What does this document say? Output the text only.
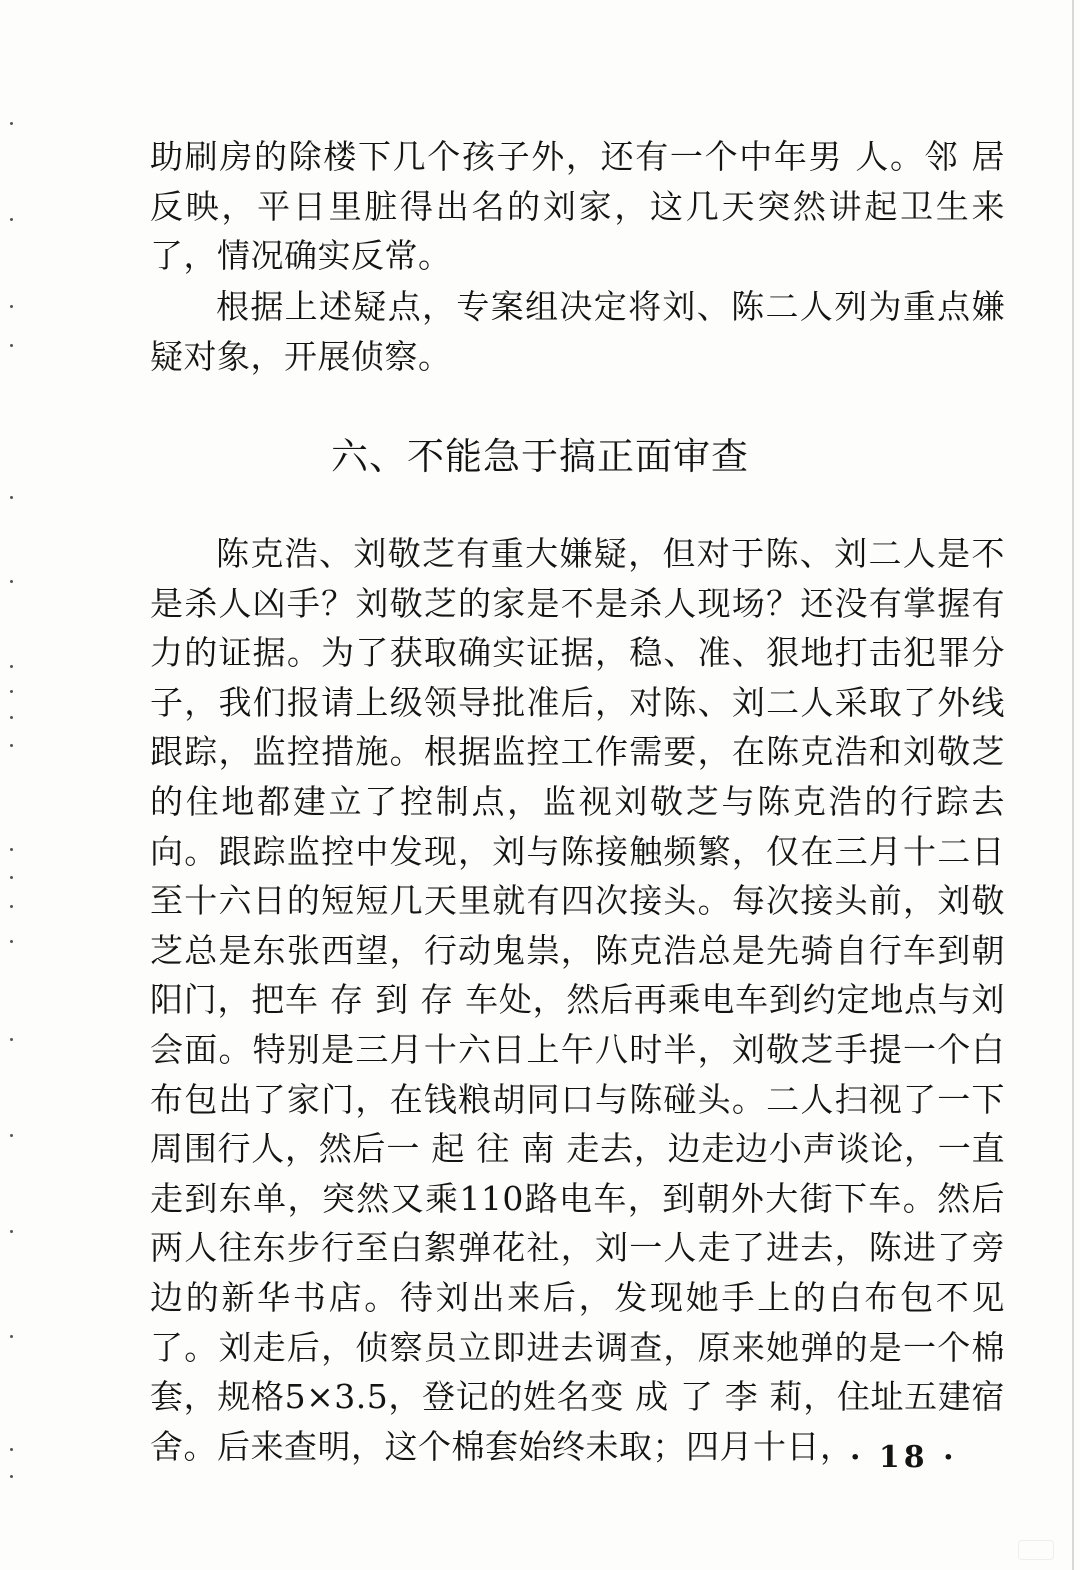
助刷房的除楼下几个孩子外，还有一个中年男 人。邻 居 反映，平日里脏得出名的刘家，这几天突然讲起卫生来了，情况确实反常。

根据上述疑点，专案组决定将刘、陈二人列为重点嫌疑对象，开展侦察。

六、不能急于搞正面审查

陈克浩、刘敬芝有重大嫌疑，但对于陈、刘二人是不是杀人凶手？刘敬芝的家是不是杀人现场？还没有掌握有力的证据。为了获取确实证据，稳、准、狠地打击犯罪分子，我们报请上级领导批准后，对陈、刘二人采取了外线跟踪，监控措施。根据监控工作需要，在陈克浩和刘敬芝的住地都建立了控制点，监视刘敬芝与陈克浩的行踪去向。跟踪监控中发现，刘与陈接触频繁，仅在三月十二日至十六日的短短几天里就有四次接头。每次接头前，刘敬芝总是东张西望，行动鬼祟，陈克浩总是先骑自行车到朝阳门，把车 存 到 存 车处，然后再乘电车到约定地点与刘会面。特别是三月十六日上午八时半，刘敬芝手提一个白布包出了家门，在钱粮胡同口与陈碰头。二人扫视了一下周围行人，然后一 起 往 南 走去，边走边小声谈论，一直走到东单，突然又乘110路电车，到朝外大街下车。然后两人往东步行至白絮弹花社，刘一人走了进去，陈进了旁边的新华书店。待刘出来后，发现她手上的白布包不见了。刘走后，侦察员立即进去调查，原来她弹的是一个棉套，规格5×3.5，登记的姓名变 成 了 李 莉，住址五建宿舍。后来查明，这个棉套始终未取；四月十日，

· 18 ·
